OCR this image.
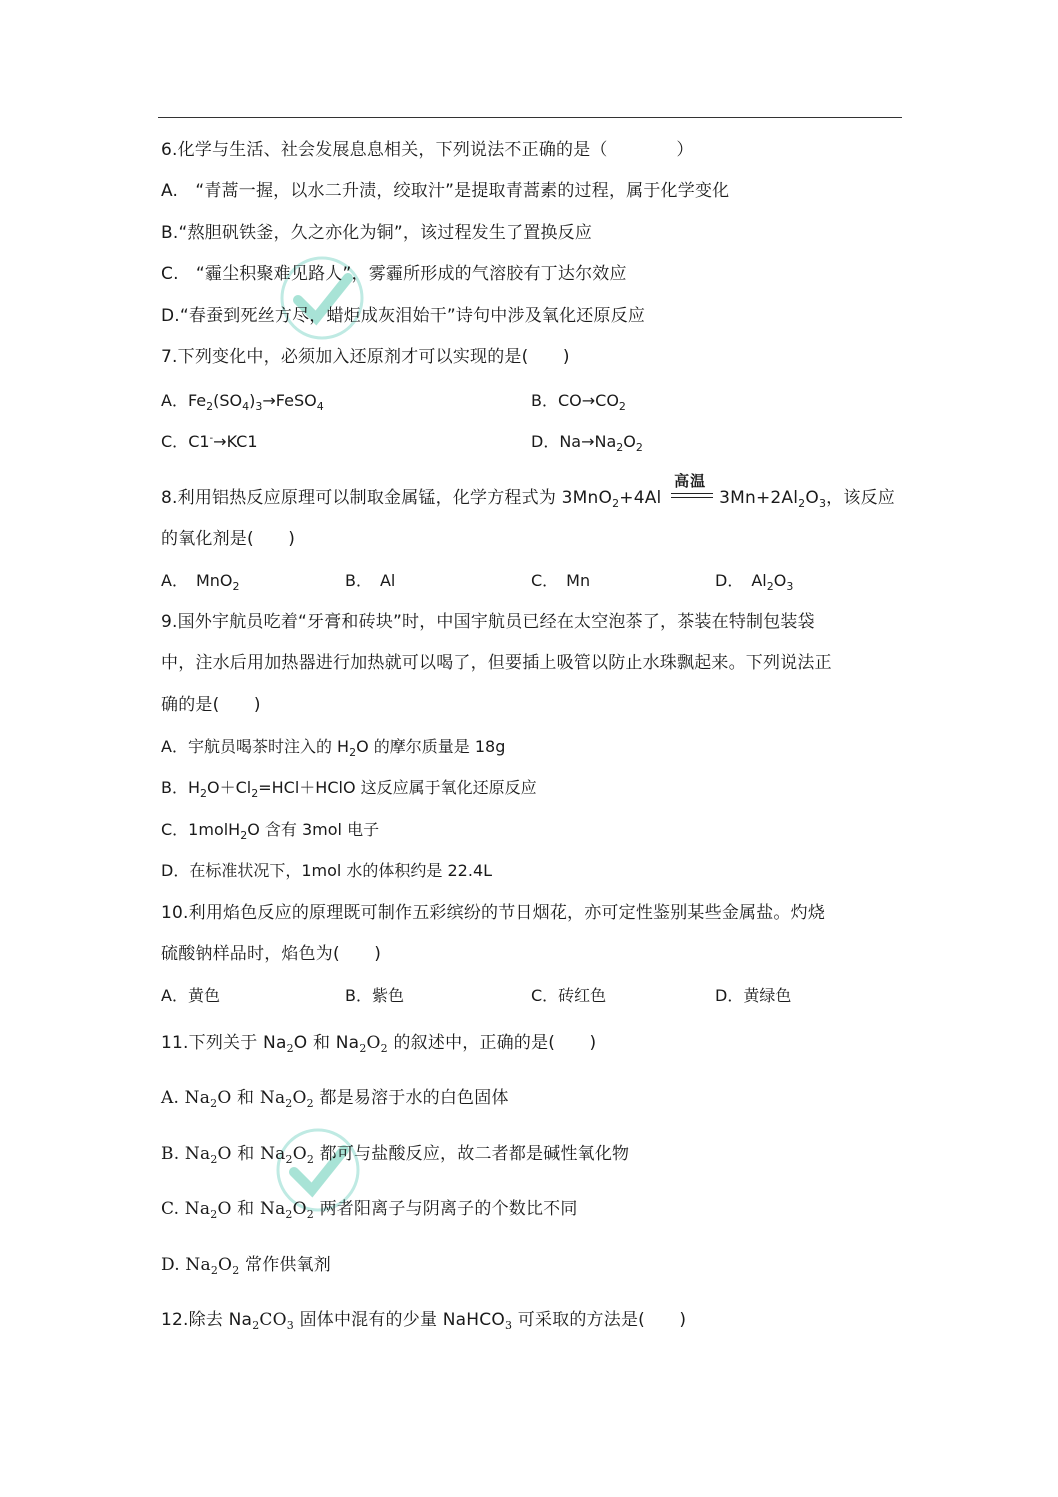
6.化学与生活、社会发展息息相关，下列说法不正确的是（　　　　）
A.　“青蒿一握，以水二升渍，绞取汁”是提取青蒿素的过程，属于化学变化
B.“熬胆矾铁釜，久之亦化为铜”，该过程发生了置换反应
C.　“霾尘积聚难见路人”，雾霾所形成的气溶胶有丁达尔效应
D.“春蚕到死丝方尽，蜡炬成灰泪始干”诗句中涉及氧化还原反应
7.下列变化中，必须加入还原剂才可以实现的是(　　)
A．$Fe_2(SO_4)_3\to FeSO_4$	B．$CO\to CO_2$
C．C1-→KC1	D．$Na\to Na_2O_2$
8.利用铝热反应原理可以制取金属锰，化学方程式为 3MnO$_2$+4Al
高温
$3Mn+2Al_2O_3$，该反应
的氧化剂是(　　)
A．　MnO$_2$	B．　Al	C．　Mn	D．　$Al_2O_3$
9.国外宇航员吃着“牙膏和砖块”时，中国宇航员已经在太空泡茶了，茶装在特制包装袋
中，注水后用加热器进行加热就可以喝了，但要插上吸管以防止水珠飘起来。下列说法正
确的是(　　)
A．宇航员喝茶时注入的 $H_2O$ 的摩尔质量是 18g
B．$H_2O+Cl_2=HCl+HClO$ 这反应属于氧化还原反应
C．1molH$_2$O 含有 3mol 电子
D．在标准状况下，1mol 水的体积约是 22.4L
10.利用焰色反应的原理既可制作五彩缤纷的节日烟花，亦可定性鉴别某些金属盐。灼烧
硫酸钠样品时，焰色为(　　)
A．黄色	B．紫色	C．砖红色	D．黄绿色
11.下列关于 $Na_2O$ 和 $Na_2O_2$ 的叙述中，正确的是(　　)
A. $Na_2O$ 和 $Na_2O_2$ 都是易溶于水的白色固体
B. $Na_2O$ 和 $Na_2O_2$ 都可与盐酸反应，故二者都是碱性氧化物
C. $Na_2O$ 和 $Na_2O_2$ 两者阳离子与阴离子的个数比不同
D. $Na_2O_2$ 常作供氧剂
12.除去 $Na_2CO_3$ 固体中混有的少量 NaHCO$_3$ 可采取的方法是(　　)
